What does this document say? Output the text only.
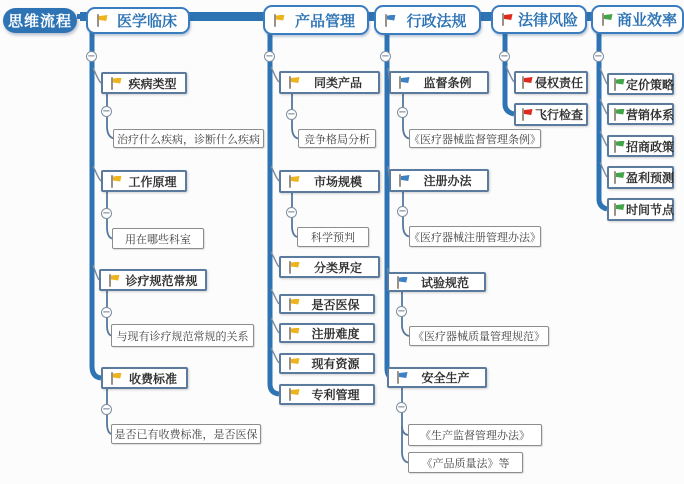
思维流程	医学临床	产品管理	行政法规	法律风险	商业效率
疾病类型
治疗什么疾病，诊断什么疾病
工作原理
用在哪些科室
诊疗规范常规
与现有诊疗规范常规的关系
收费标准
是否已有收费标准，是否医保
同类产品
竞争格局分析
市场规模
科学预判
分类界定
是否医保
注册难度
现有资源
专利管理
监督条例
《医疗器械监督管理条例》
注册办法
《医疗器械注册管理办法》
试验规范
《医疗器械质量管理规范》
安全生产
《生产监督管理办法》
《产品质量法》等
侵权责任
飞行检查
定价策略
营销体系
招商政策
盈利预测
时间节点
−
−
−
−
−
−
−
−
−
−
−
−
−
−	−
